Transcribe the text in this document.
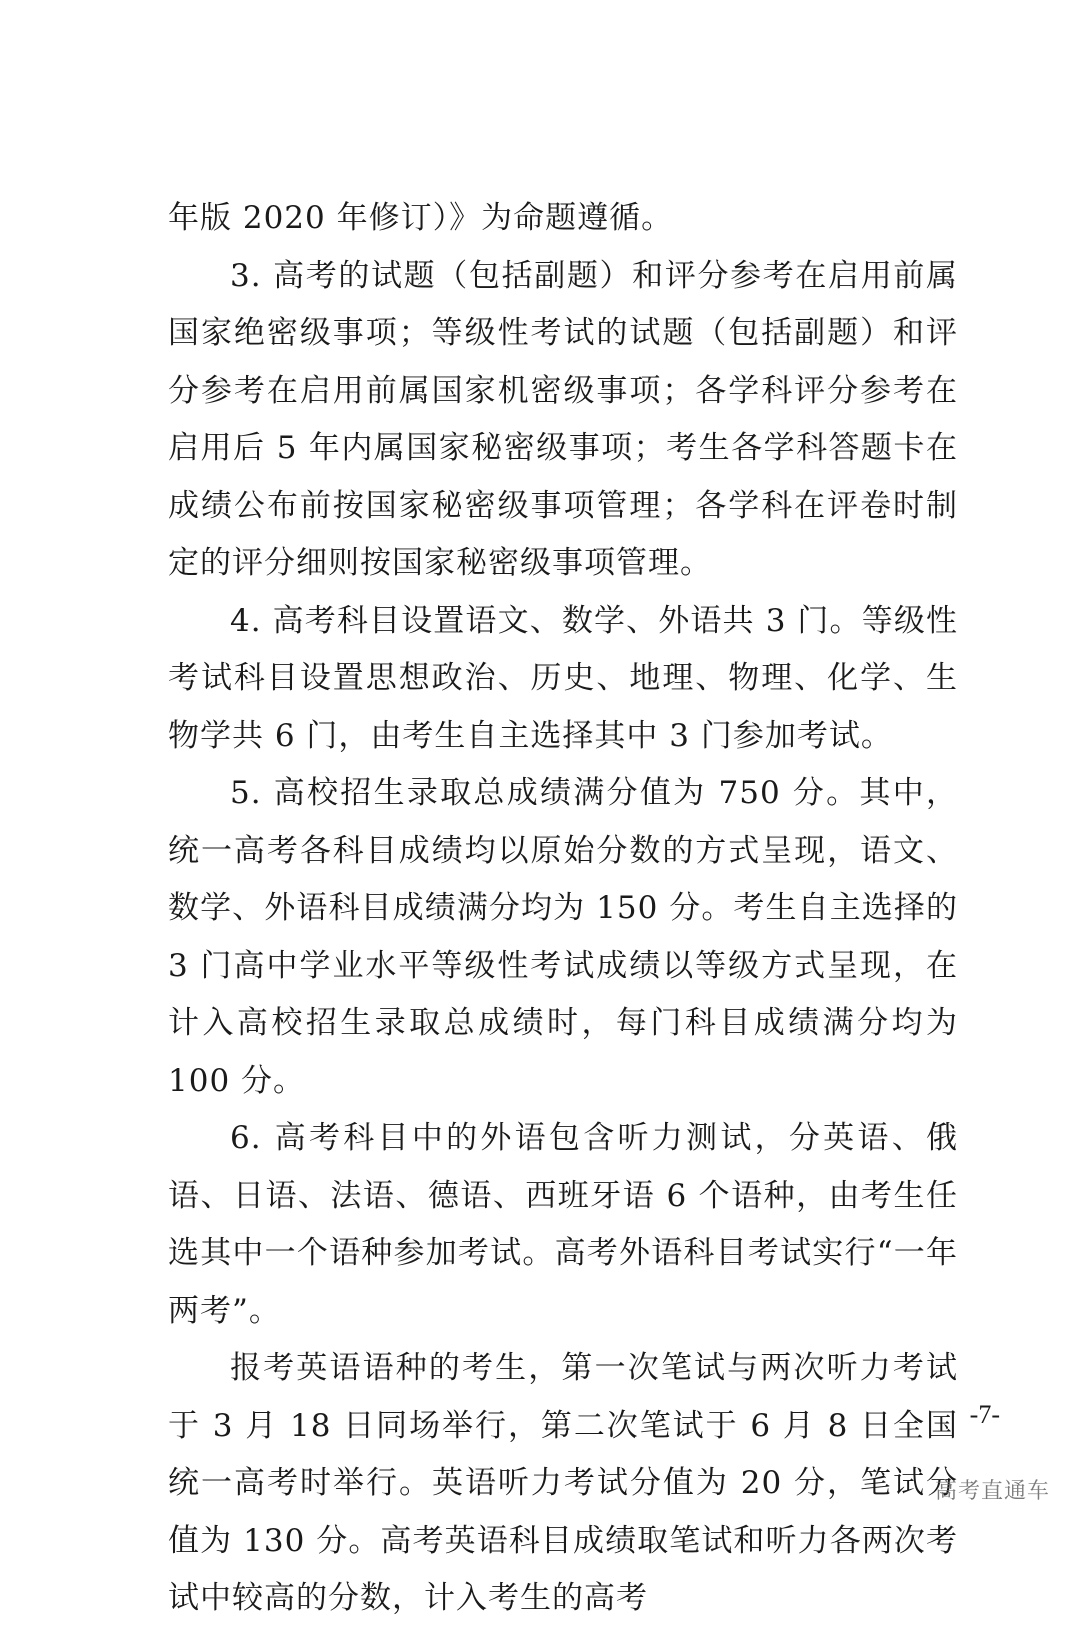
年版 2020 年修订）》为命题遵循。

3. 高考的试题（包括副题）和评分参考在启用前属国家绝密级事项；等级性考试的试题（包括副题）和评分参考在启用前属国家机密级事项；各学科评分参考在启用后 5 年内属国家秘密级事项；考生各学科答题卡在成绩公布前按国家秘密级事项管理；各学科在评卷时制定的评分细则按国家秘密级事项管理。

4. 高考科目设置语文、数学、外语共 3 门。等级性考试科目设置思想政治、历史、地理、物理、化学、生物学共 6 门，由考生自主选择其中 3 门参加考试。

5. 高校招生录取总成绩满分值为 750 分。其中，统一高考各科目成绩均以原始分数的方式呈现，语文、数学、外语科目成绩满分均为 150 分。考生自主选择的 3 门高中学业水平等级性考试成绩以等级方式呈现，在计入高校招生录取总成绩时，每门科目成绩满分均为 100 分。

6. 高考科目中的外语包含听力测试，分英语、俄语、日语、法语、德语、西班牙语 6 个语种，由考生任选其中一个语种参加考试。高考外语科目考试实行“一年两考”。

报考英语语种的考生，第一次笔试与两次听力考试于 3 月 18 日同场举行，第二次笔试于 6 月 8 日全国统一高考时举行。英语听力考试分值为 20 分，笔试分值为 130 分。高考英语科目成绩取笔试和听力各两次考试中较高的分数，计入考生的高考

-7-
高考直通车
